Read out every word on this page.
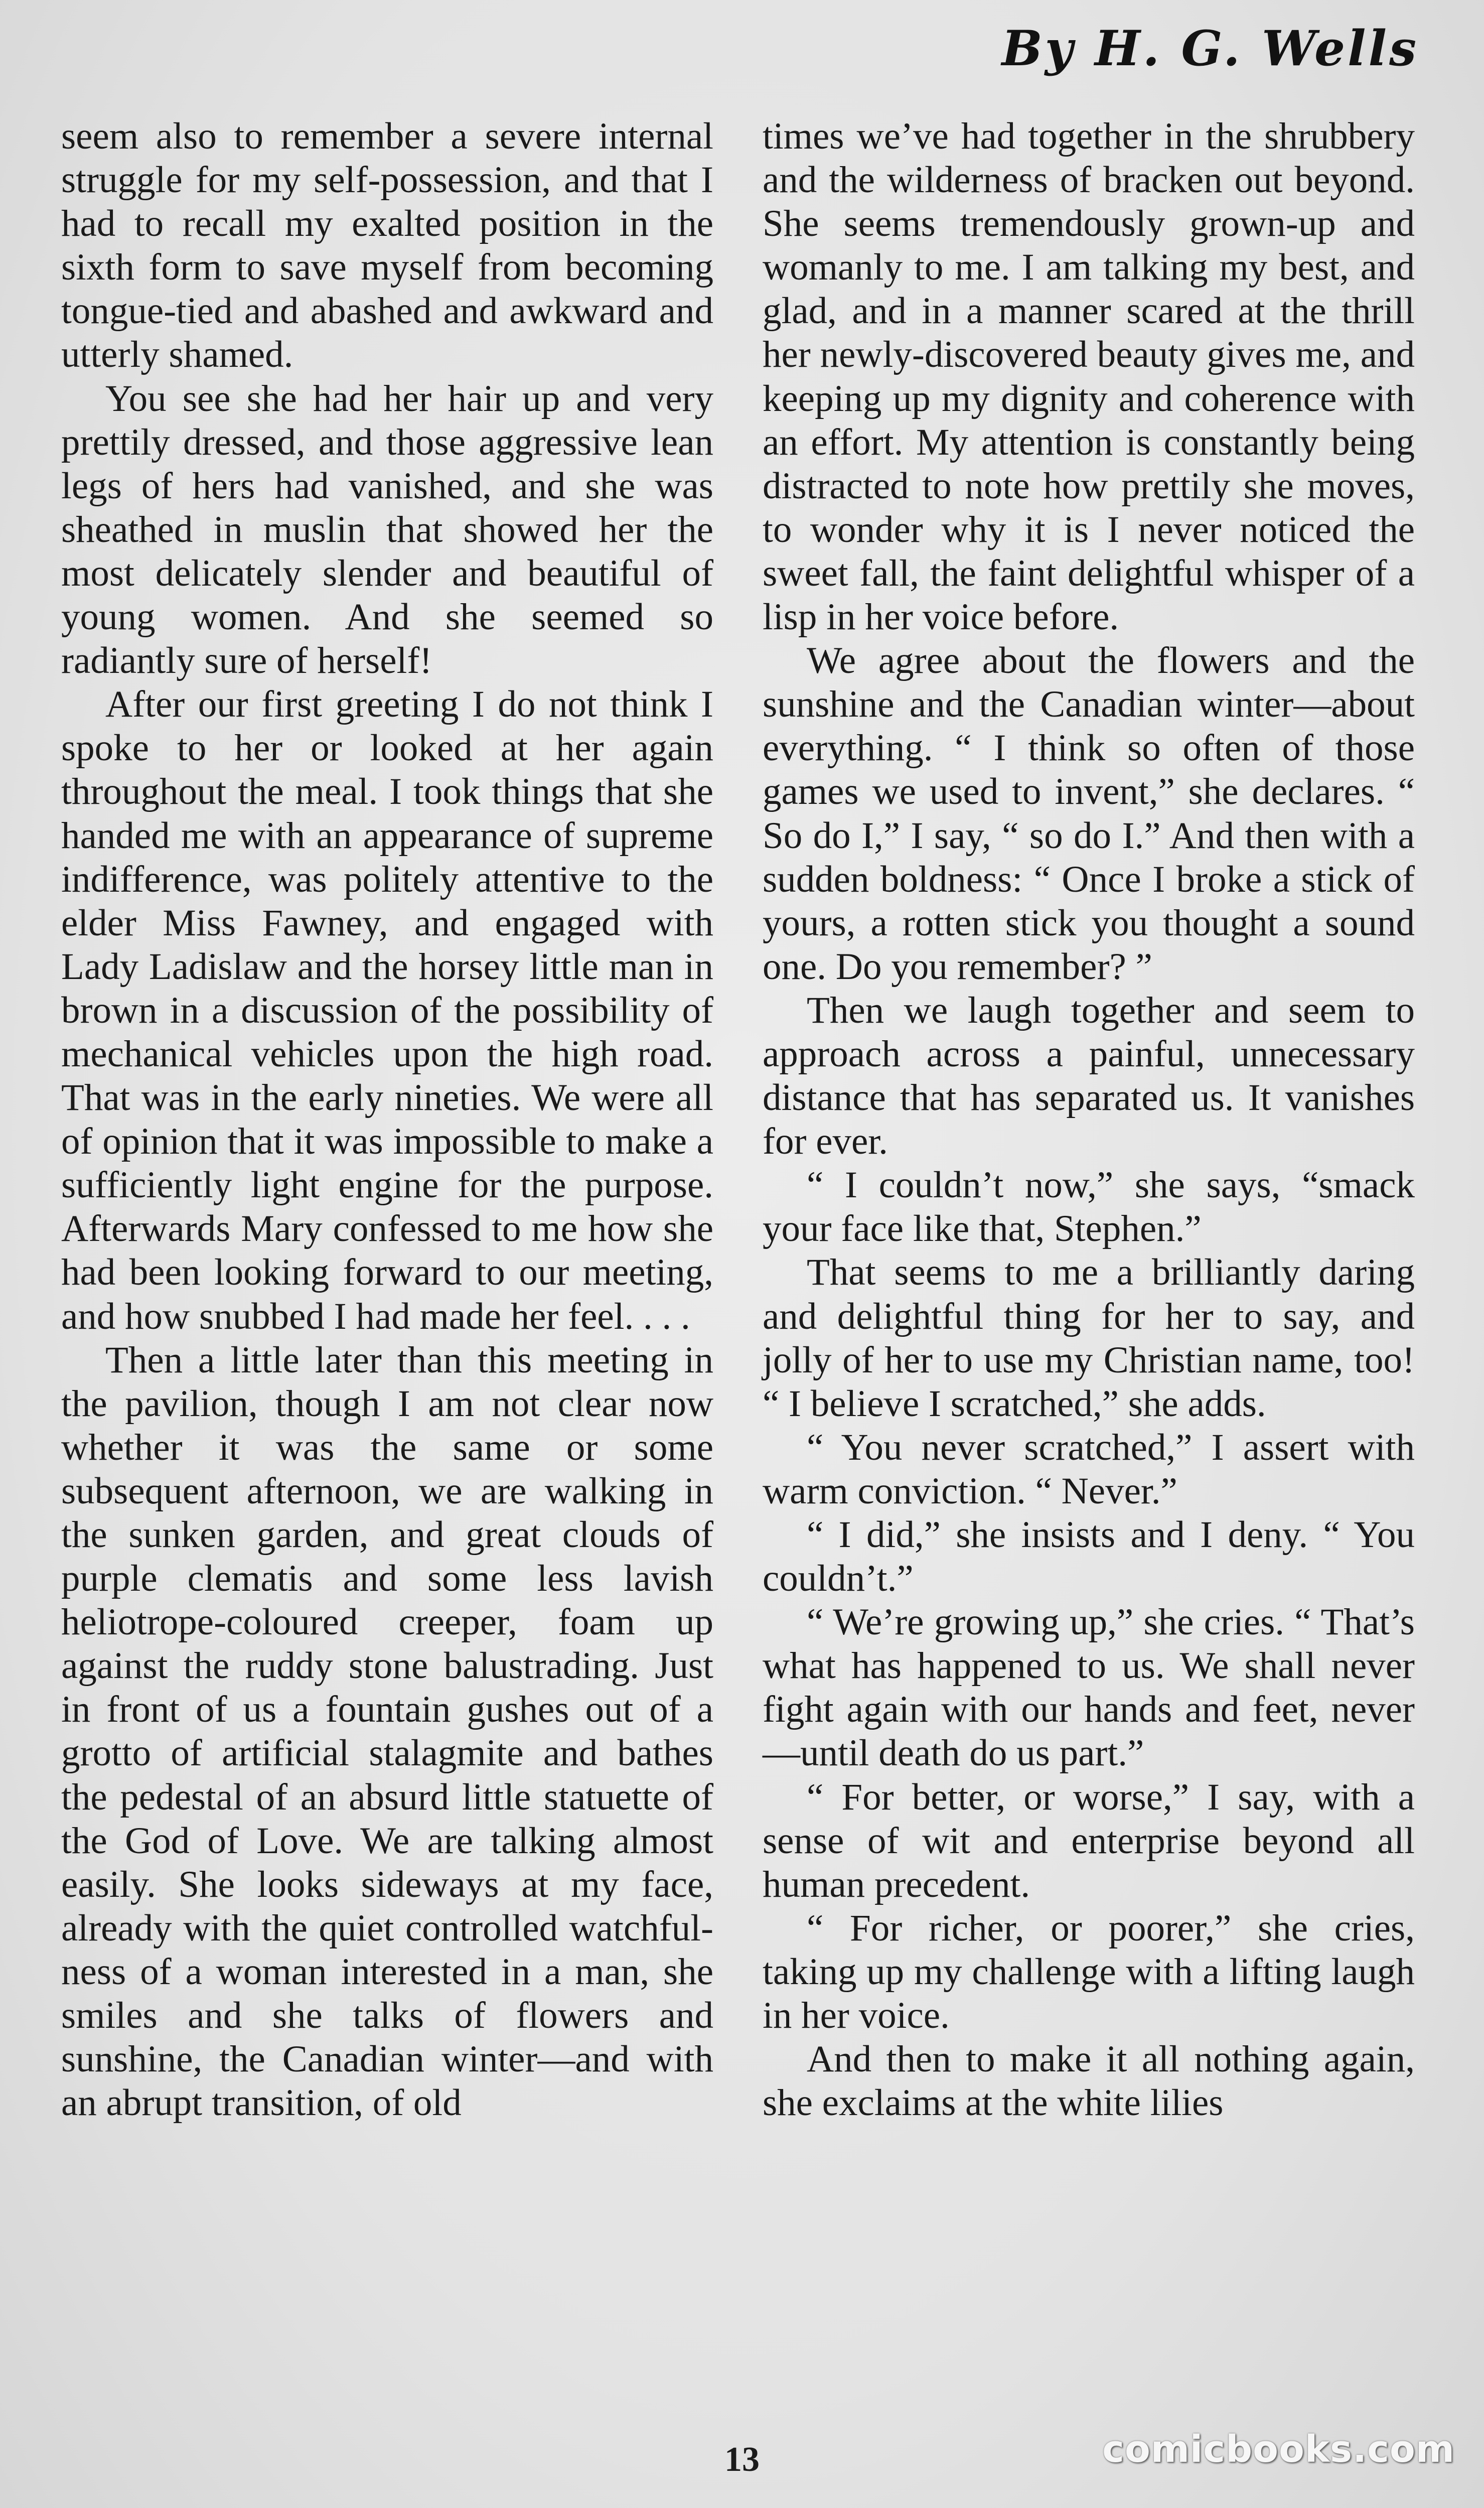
By H. G. Wells

seem also to remember a severe internal struggle for my self-possession, and that I had to recall my exalted position in the sixth form to save myself from becoming tongue-tied and abashed and awkward and utterly shamed.

You see she had her hair up and very prettily dressed, and those aggressive lean legs of hers had vanished, and she was sheathed in muslin that showed her the most delicately slender and beautiful of young women. And she seemed so radiantly sure of herself!

After our first greeting I do not think I spoke to her or looked at her again throughout the meal. I took things that she handed me with an appearance of supreme indifference, was politely attentive to the elder Miss Fawney, and engaged with Lady Ladislaw and the horsey little man in brown in a discussion of the possibility of mechanical vehicles upon the high road. That was in the early nineties. We were all of opinion that it was impossible to make a sufficiently light engine for the purpose. Afterwards Mary confessed to me how she had been looking forward to our meeting, and how snubbed I had made her feel. . . .

Then a little later than this meeting in the pavilion, though I am not clear now whether it was the same or some subsequent afternoon, we are walking in the sunken garden, and great clouds of purple clematis and some less lavish heliotrope-coloured creeper, foam up against the ruddy stone balustrading. Just in front of us a fountain gushes out of a grotto of artificial stalagmite and bathes the pedestal of an absurd little statuette of the God of Love. We are talking almost easily. She looks sideways at my face, already with the quiet controlled watchfulness of a woman interested in a man, she smiles and she talks of flowers and sunshine, the Canadian winter—and with an abrupt transition, of old

times we’ve had together in the shrubbery and the wilderness of bracken out beyond. She seems tremendously grown-up and womanly to me. I am talking my best, and glad, and in a manner scared at the thrill her newly-discovered beauty gives me, and keeping up my dignity and coherence with an effort. My attention is constantly being distracted to note how prettily she moves, to wonder why it is I never noticed the sweet fall, the faint delightful whisper of a lisp in her voice before.

We agree about the flowers and the sunshine and the Canadian winter—about everything. “ I think so often of those games we used to invent,” she declares. “ So do I,” I say, “ so do I.” And then with a sudden boldness: “ Once I broke a stick of yours, a rotten stick you thought a sound one. Do you remember? ”

Then we laugh together and seem to approach across a painful, unnecessary distance that has separated us. It vanishes for ever.

“ I couldn’t now,” she says, “smack your face like that, Stephen.”

That seems to me a brilliantly daring and delightful thing for her to say, and jolly of her to use my Christian name, too! “ I believe I scratched,” she adds.

“ You never scratched,” I assert with warm conviction. “ Never.”

“ I did,” she insists and I deny. “ You couldn’t.”

“ We’re growing up,” she cries. “ That’s what has happened to us. We shall never fight again with our hands and feet, never—until death do us part.”

“ For better, or worse,” I say, with a sense of wit and enterprise beyond all human precedent.

“ For richer, or poorer,” she cries, taking up my challenge with a lifting laugh in her voice.

And then to make it all nothing again, she exclaims at the white lilies

13	comicbooks.com
